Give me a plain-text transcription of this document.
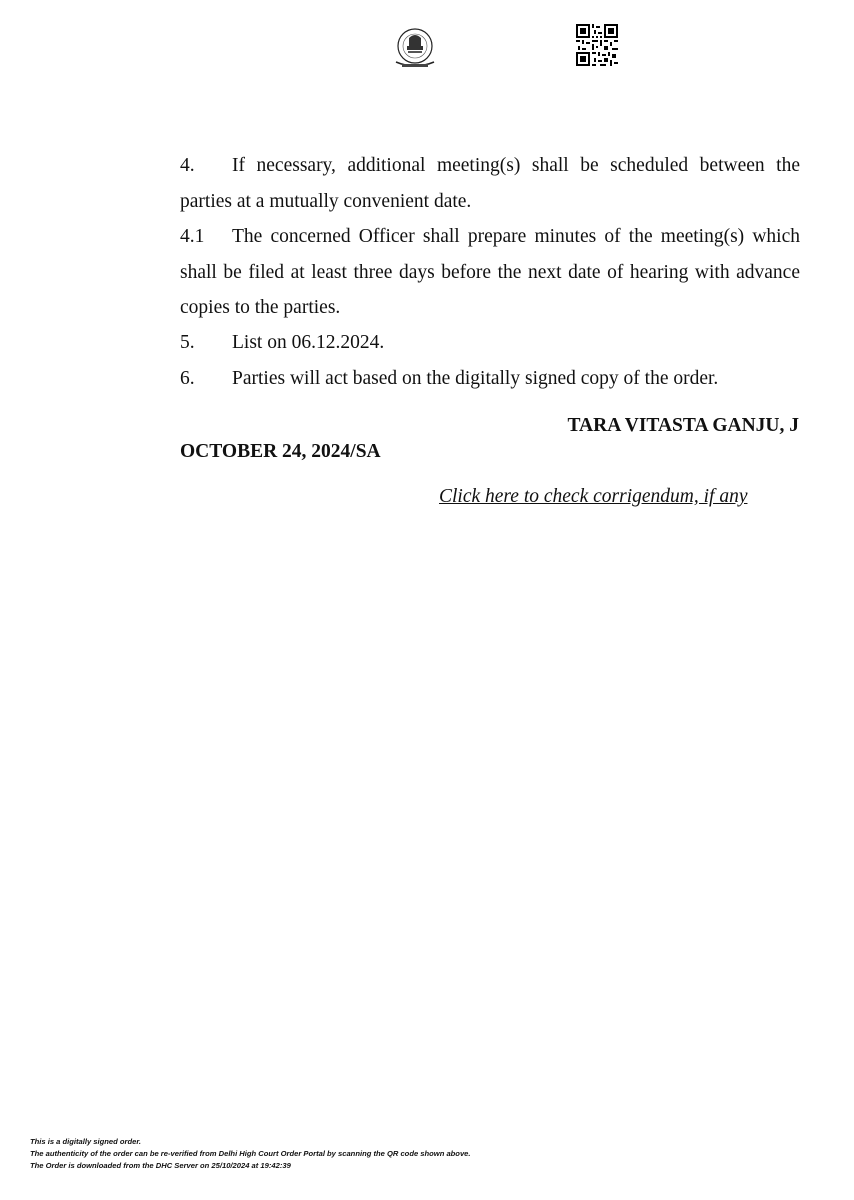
4. If necessary, additional meeting(s) shall be scheduled between the parties at a mutually convenient date.
4.1 The concerned Officer shall prepare minutes of the meeting(s) which shall be filed at least three days before the next date of hearing with advance copies to the parties.
5. List on 06.12.2024.
6. Parties will act based on the digitally signed copy of the order.
TARA VITASTA GANJU, J
OCTOBER 24, 2024/SA
Click here to check corrigendum, if any
This is a digitally signed order.
The authenticity of the order can be re-verified from Delhi High Court Order Portal by scanning the QR code shown above.
The Order is downloaded from the DHC Server on 25/10/2024 at 19:42:39
